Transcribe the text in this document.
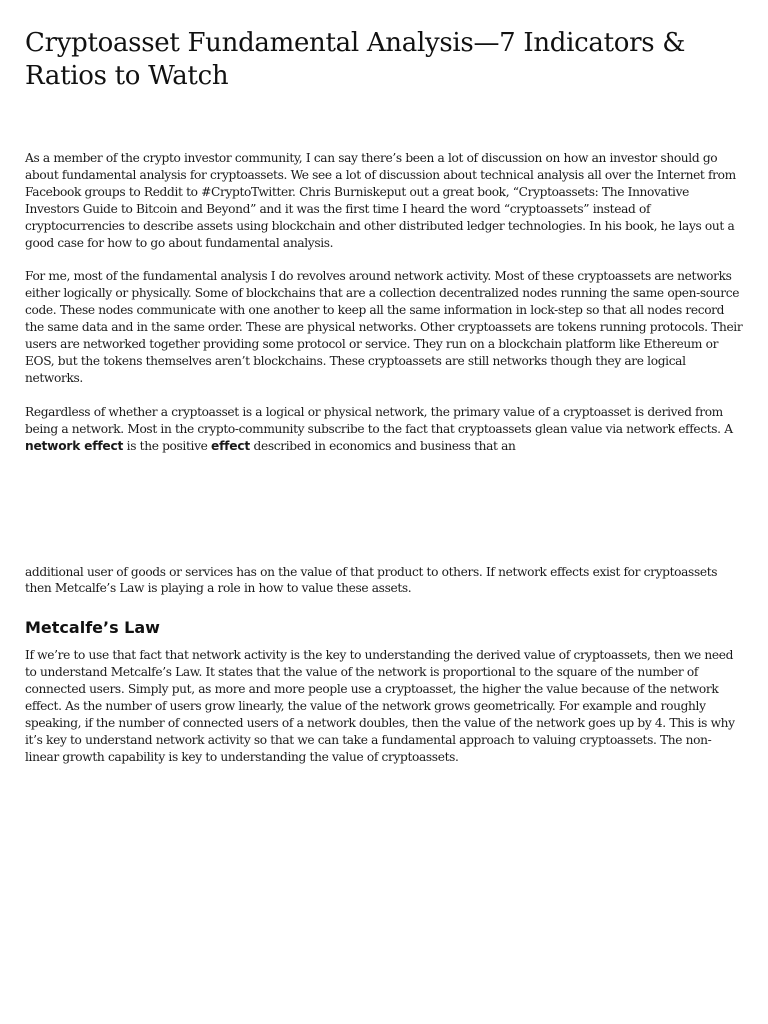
Cryptoasset Fundamental Analysis—7 Indicators & Ratios to Watch

As a member of the crypto investor community, I can say there’s been a lot of discussion on how an investor should go about fundamental analysis for cryptoassets. We see a lot of discussion about technical analysis all over the Internet from Facebook groups to Reddit to #CryptoTwitter. Chris Burniskeput out a great book, “Cryptoassets: The Innovative Investors Guide to Bitcoin and Beyond” and it was the first time I heard the word “cryptoassets” instead of cryptocurrencies to describe assets using blockchain and other distributed ledger technologies. In his book, he lays out a good case for how to go about fundamental analysis.

For me, most of the fundamental analysis I do revolves around network activity. Most of these cryptoassets are networks either logically or physically. Some of blockchains that are a collection decentralized nodes running the same open-source code. These nodes communicate with one another to keep all the same information in lock-step so that all nodes record the same data and in the same order. These are physical networks. Other cryptoassets are tokens running protocols. Their users are networked together providing some protocol or service. They run on a blockchain platform like Ethereum or EOS, but the tokens themselves aren’t blockchains. These cryptoassets are still networks though they are logical networks.

Regardless of whether a cryptoasset is a logical or physical network, the primary value of a cryptoasset is derived from being a network. Most in the crypto-community subscribe to the fact that cryptoassets glean value via network effects. A network effect is the positive effect described in economics and business that an

additional user of goods or services has on the value of that product to others. If network effects exist for cryptoassets then Metcalfe’s Law is playing a role in how to value these assets.

Metcalfe’s Law

If we’re to use that fact that network activity is the key to understanding the derived value of cryptoassets, then we need to understand Metcalfe’s Law. It states that the value of the network is proportional to the square of the number of connected users. Simply put, as more and more people use a cryptoasset, the higher the value because of the network effect. As the number of users grow linearly, the value of the network grows geometrically. For example and roughly speaking, if the number of connected users of a network doubles, then the value of the network goes up by 4. This is why it’s key to understand network activity so that we can take a fundamental approach to valuing cryptoassets. The non-linear growth capability is key to understanding the value of cryptoassets.
